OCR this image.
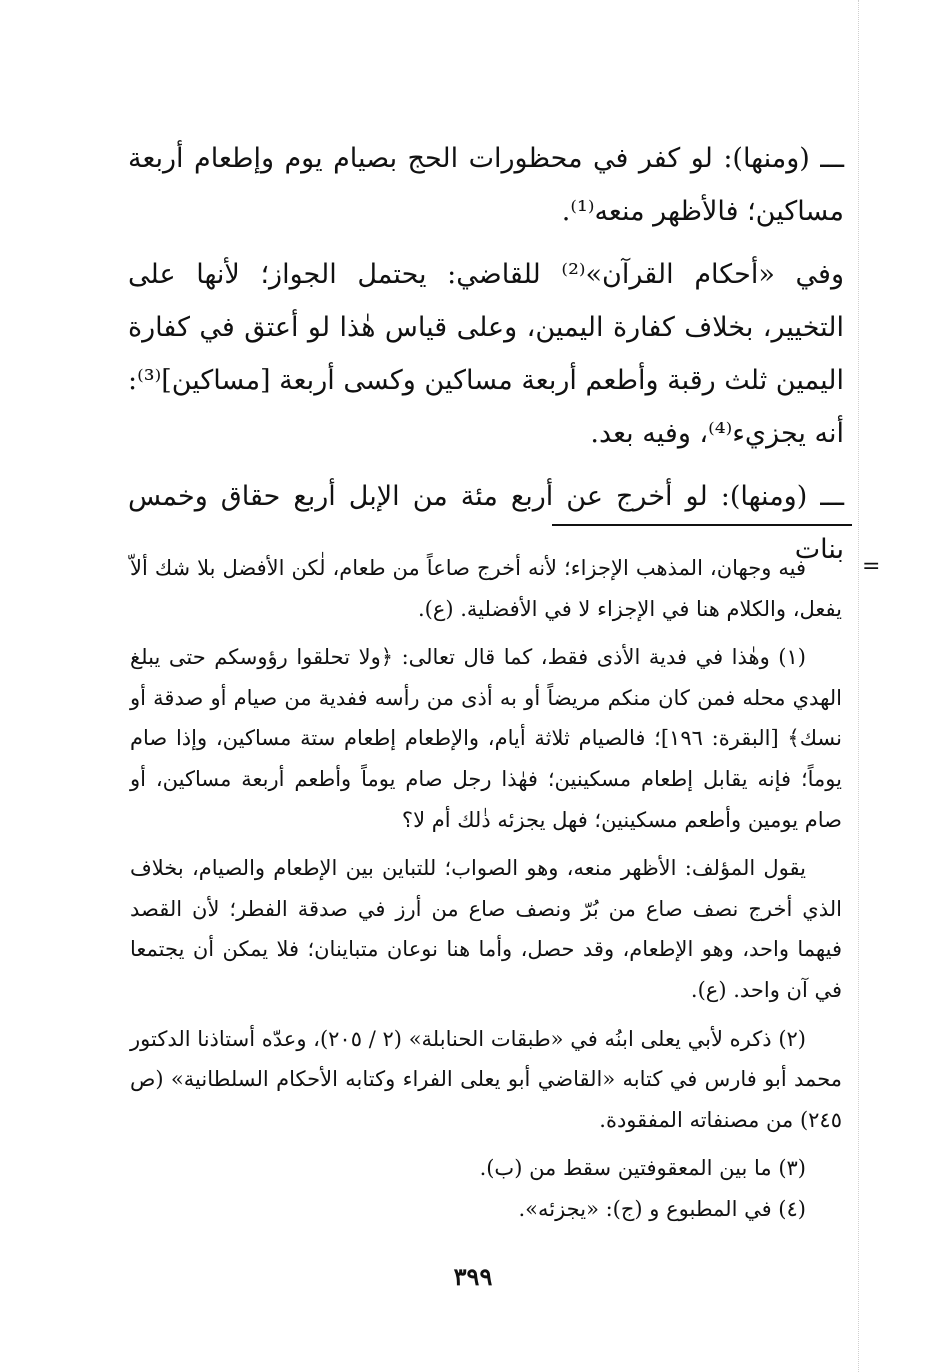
ـــ (ومنها): لو كفر في محظورات الحج بصيام يوم وإطعام أربعة مساكين؛ فالأظهر منعه⁽¹⁾.

وفي «أحكام القرآن»⁽²⁾ للقاضي: يحتمل الجواز؛ لأنها على التخيير، بخلاف كفارة اليمين، وعلى قياس هٰذا لو أعتق في كفارة اليمين ثلث رقبة وأطعم أربعة مساكين وكسى أربعة [مساكين]⁽³⁾: أنه يجزيء⁽⁴⁾، وفيه بعد.

ـــ (ومنها): لو أخرج عن أربع مئة من الإبل أربع حقاق وخمس بنات

=

فيه وجهان، المذهب الإجزاء؛ لأنه أخرج صاعاً من طعام، لٰكن الأفضل بلا شك ألاّ يفعل، والكلام هنا في الإجزاء لا في الأفضلية. (ع).

(١) وهٰذا في فدية الأذى فقط، كما قال تعالى: ﴿ولا تحلقوا رؤوسكم حتى يبلغ الهدي محله فمن كان منكم مريضاً أو به أذى من رأسه ففدية من صيام أو صدقة أو نسك﴾ [البقرة: ١٩٦]؛ فالصيام ثلاثة أيام، والإطعام إطعام ستة مساكين، وإذا صام يوماً؛ فإنه يقابل إطعام مسكينين؛ فهٰذا رجل صام يوماً وأطعم أربعة مساكين، أو صام يومين وأطعم مسكينين؛ فهل يجزئه ذٰلك أم لا؟

يقول المؤلف: الأظهر منعه، وهو الصواب؛ للتباين بين الإطعام والصيام، بخلاف الذي أخرج نصف صاع من بُرّ ونصف صاع من أرز في صدقة الفطر؛ لأن القصد فيهما واحد، وهو الإطعام، وقد حصل، وأما هنا نوعان متباينان؛ فلا يمكن أن يجتمعا في آن واحد. (ع).

(٢) ذكره لأبي يعلى ابنُه في «طبقات الحنابلة» (٢ / ٢٠٥)، وعدّه أستاذنا الدكتور محمد أبو فارس في كتابه «القاضي أبو يعلى الفراء وكتابه الأحكام السلطانية» (ص ٢٤٥) من مصنفاته المفقودة.

(٣) ما بين المعقوفتين سقط من (ب).

(٤) في المطبوع و (ج): «يجزئه».

٣٩٩
